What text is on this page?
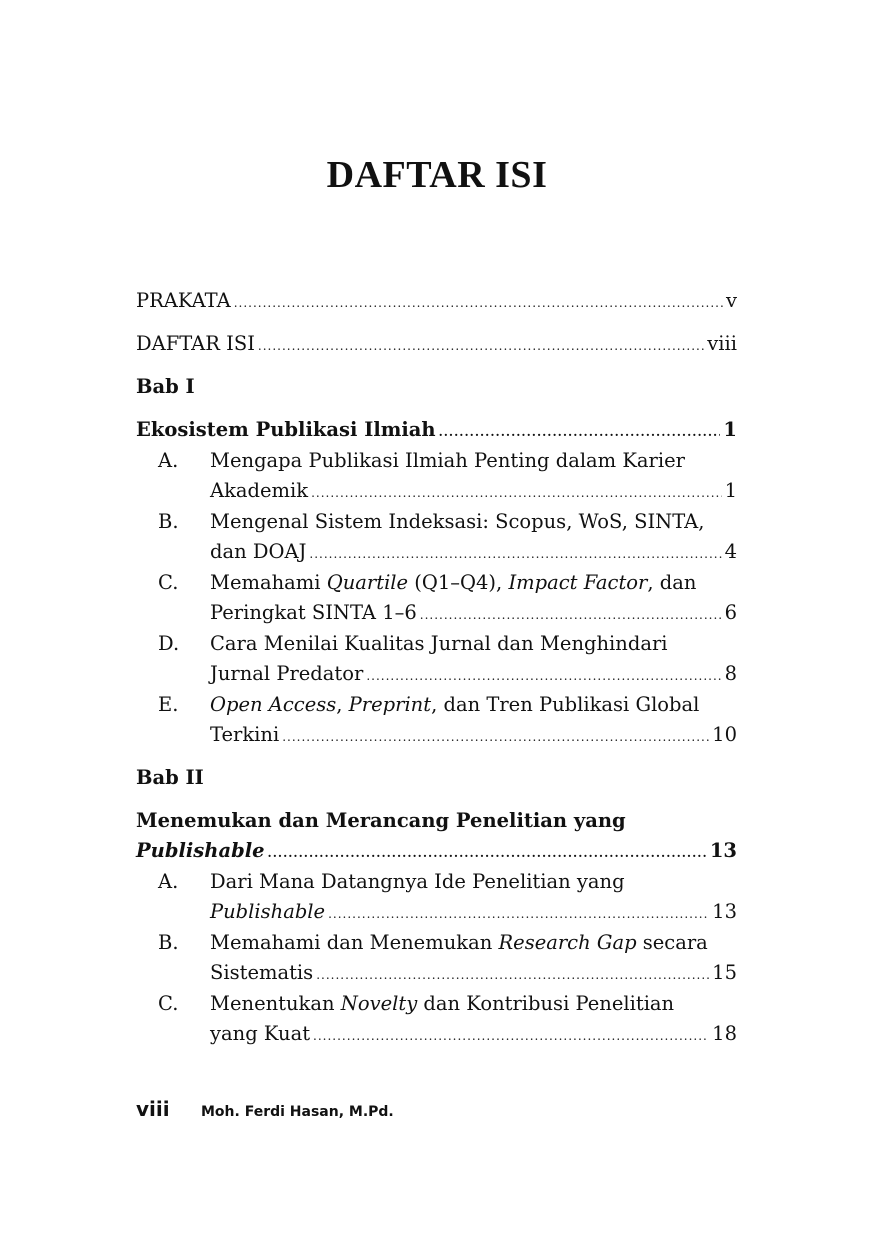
DAFTAR ISI
PRAKATA .....	v
DAFTAR ISI .....	viii
Bab I
Ekosistem Publikasi Ilmiah .....	1
A. Mengapa Publikasi Ilmiah Penting dalam Karier
Akademik .....	1
B. Mengenal Sistem Indeksasi: Scopus, WoS, SINTA,
dan DOAJ .....	4
C. Memahami Quartile (Q1–Q4), Impact Factor, dan
Peringkat SINTA 1–6 .....	6
D. Cara Menilai Kualitas Jurnal dan Menghindari
Jurnal Predator .....	8
E. Open Access, Preprint, dan Tren Publikasi Global
Terkini .....	10
Bab II
Menemukan dan Merancang Penelitian yang
Publishable .....	13
A. Dari Mana Datangnya Ide Penelitian yang
Publishable .....	13
B. Memahami dan Menemukan Research Gap secara
Sistematis .....	15
C. Menentukan Novelty dan Kontribusi Penelitian
yang Kuat .....	18
viii	Moh. Ferdi Hasan, M.Pd.
